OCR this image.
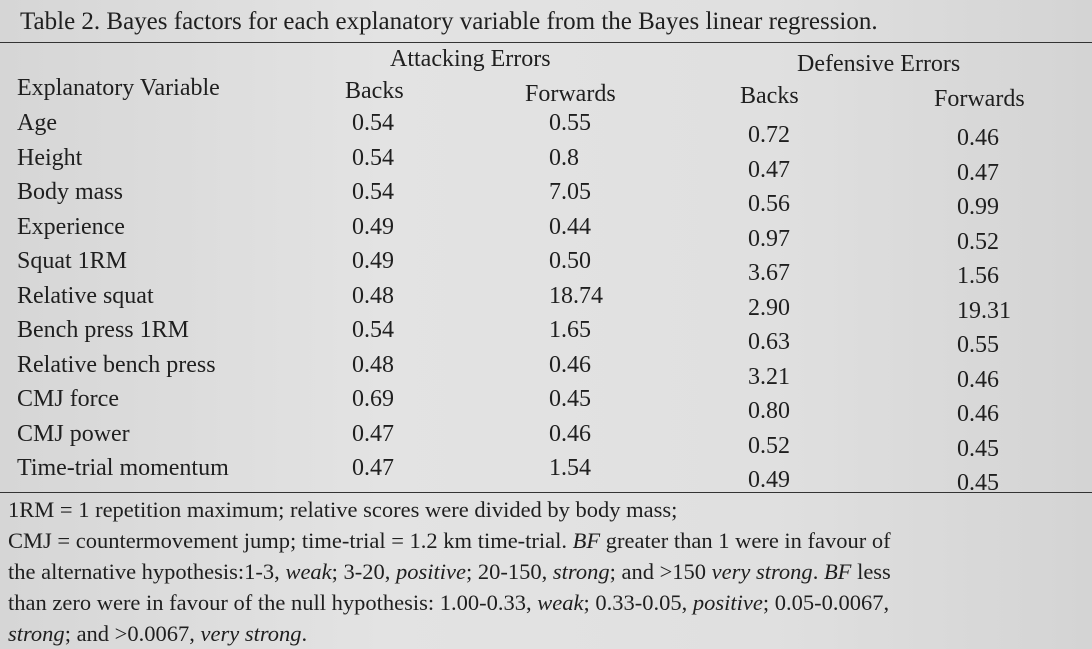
Table 2. Bayes factors for each explanatory variable from the Bayes linear regression.
Attacking Errors	Defensive Errors
Explanatory Variable	Backs	Forwards	Backs	Forwards
Age	0.54	0.55	0.72	0.46
Height	0.54	0.8	0.47	0.47
Body mass	0.54	7.05	0.56	0.99
Experience	0.49	0.44	0.97	0.52
Squat 1RM	0.49	0.50	3.67	1.56
Relative squat	0.48	18.74	2.90	19.31
Bench press 1RM	0.54	1.65	0.63	0.55
Relative bench press	0.48	0.46	3.21	0.46
CMJ force	0.69	0.45	0.80	0.46
CMJ power	0.47	0.46	0.52	0.45
Time-trial momentum	0.47	1.54	0.49	0.45
1RM = 1 repetition maximum; relative scores were divided by body mass;
CMJ = countermovement jump; time-trial = 1.2 km time-trial. BF greater than 1 were in favour of
the alternative hypothesis:1-3, weak; 3-20, positive; 20-150, strong; and >150 very strong. BF less
than zero were in favour of the null hypothesis: 1.00-0.33, weak; 0.33-0.05, positive; 0.05-0.0067,
strong; and >0.0067, very strong.
